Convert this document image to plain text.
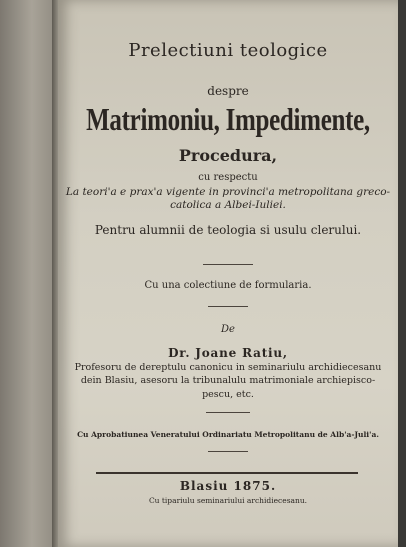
Prelectiuni teologice
despre
Matrimoniu, Impedimente,
Procedura,
cu respectu
La teori'a e prax'a vigente in provinci'a metropolitana greco-
catolica a Albei-Iuliei.
Pentru alumnii de teologia si usulu clerului.
Cu una colectiune de formularia.
De
Dr. Joane Ratiu,
Profesoru de dereptulu canonicu in seminariulu archidiecesanu
dein Blasiu, asesoru la tribunalulu matrimoniale archiepisco-
pescu, etc.
Cu Aprobatiunea Veneratului Ordinariatu Metropolitanu de Alb'a-Juli'a.
Blasiu 1875.
Cu tipariulu seminariului archidiecesanu.
